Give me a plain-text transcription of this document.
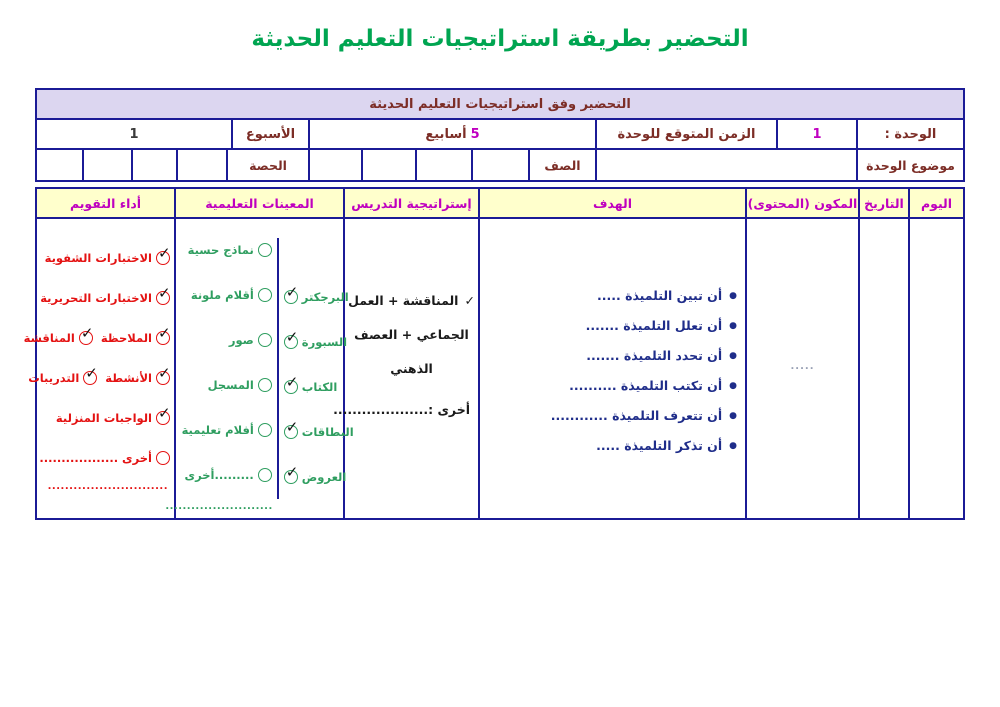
التحضير بطريقة استراتيجيات التعليم الحديثة
التحضير وفق استراتيجيات التعليم الحديثة
الوحدة :
1
الزمن المتوقع للوحدة
5
أسابيع
الأسبوع
1
موضوع الوحدة
الصف
الحصة
اليوم
التاريخ
المكون (المحتوى)
الهدف
إستراتيجية التدريس
المعينات التعليمية
أداء التقويم
.....
●
أن تبين التلميذة .....
●
أن تعلل التلميذة .......
●
أن تحدد التلميذة .......
●
أن تكتب التلميذة ..........
●
أن تتعرف التلميذة ............
●
أن تذكر التلميذة .....
✓
المناقشة + العمل
الجماعي + العصف
الذهني
أخرى :....................
✓
البرجكتر
✓
السبورة
✓
الكتاب
✓
البطاقات
✓
العروض
نماذج حسية
أقلام ملونة
صور
المسجل
أفلام تعليمية
أخرى.........
.........................
✓
الاختبارات الشفوية
✓
الاختبارات التحريرية
✓
الملاحظة
✓
المناقشة
✓
الأنشطة
✓
التدريبات
✓
الواجبات المنزلية
أخرى ..................
............................
